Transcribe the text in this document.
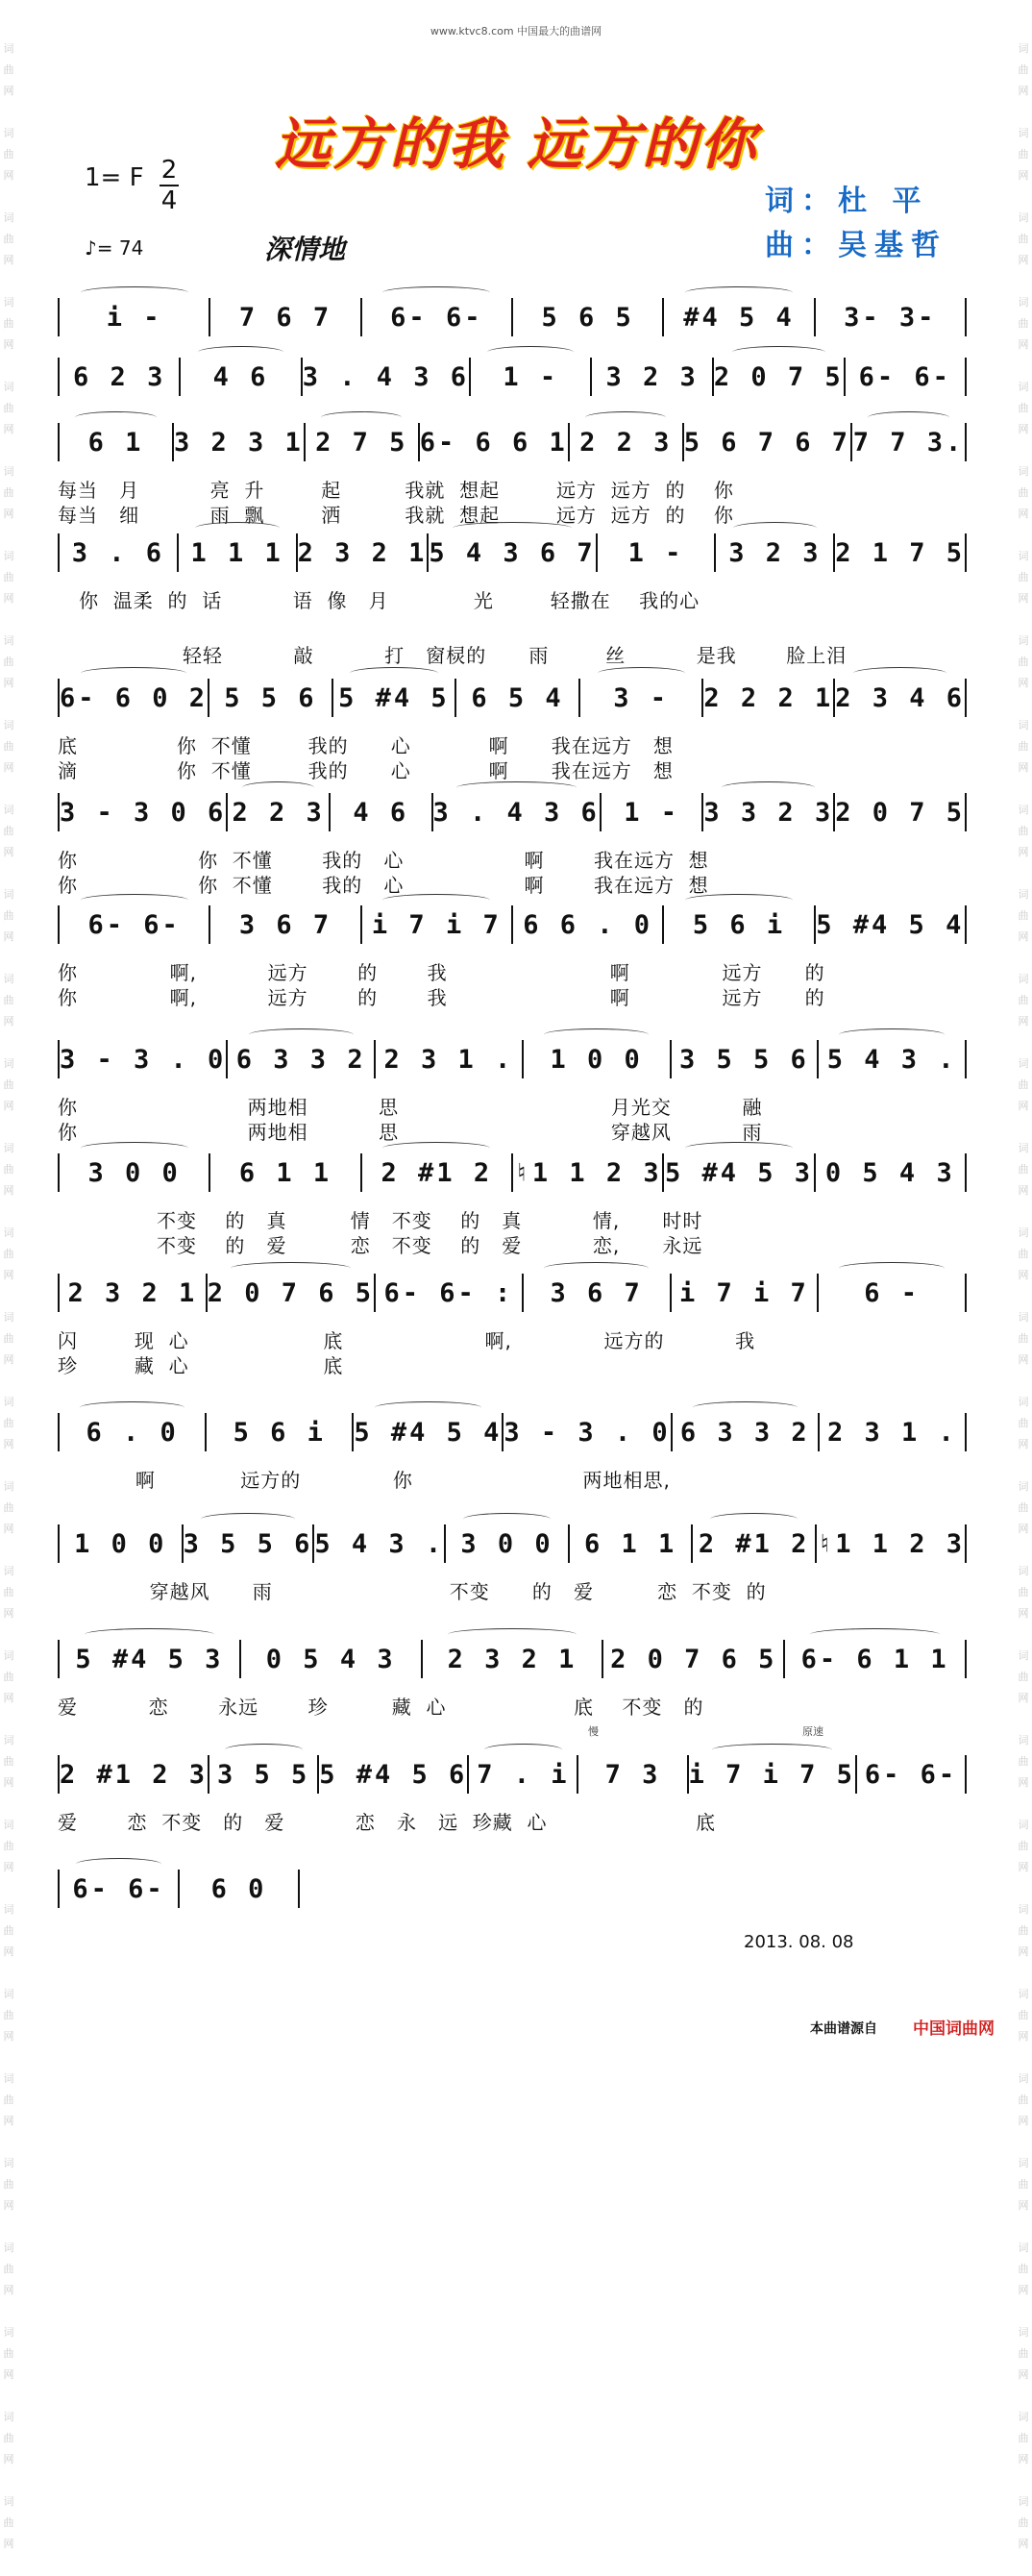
词
曲
网

词
曲
网

词
曲
网

词
曲
网

词
曲
网

词
曲
网

词
曲
网

词
曲
网

词
曲
网

词
曲
网

词
曲
网

词
曲
网

词
曲
网

词
曲
网

词
曲
网

词
曲
网

词
曲
网

词
曲
网

词
曲
网

词
曲
网

词
曲
网

词
曲
网

词
曲
网

词
曲
网

词
曲
网

词
曲
网

词
曲
网

词
曲
网

词
曲
网

词
曲
网

词
曲
网

词
曲
网

词
曲
网

词
曲
网

词
曲
网

词
曲
网

词
曲
网

词
曲
网

词
曲
网

词
曲
网

词
曲
网

词
曲
网

词
曲
网

词
曲
网

词
曲
网

词
曲
网

词
曲
网

词
曲
网

词
曲
网

词
曲
网

词
曲
网

词
曲
网

词
曲
网

词
曲
网

词
曲
网

词
曲
网

词
曲
网

词
曲
网

词
曲
网

词
曲
网

www.ktvc8.com 中国最大的曲谱网
远方的我 远方的你
1= F 2
4
♪= 74	深情地
词：杜 平
曲：吴基哲
i -	7 6 7	6- 6-	5 6 5	#4 5 4	3- 3-
6 2 3	4 6	3 . 4 3 6	1 -	3 2 3 2 0 7 5 6- 6-
6 1	3 2 3 1 2 7 5 6- 6 6 1 2 2 3 5 6 7 6 7 7 7 3.
每当   月          亮  升        起         我就  想起        远方  远方  的    你
每当   细          雨  飘        洒         我就  想起        远方  远方  的    你
3 . 6	1 1 1 2 3 2 1 5 4 3 6 7	1 -	3 2 3 2 1 7 5
你  温柔  的  话          语  像   月            光        轻撒在    我的心
6- 6 0 2 5 5 6 5 #4 5 6 5 4	3 -	2 2 2 1 2 3 4 6
底              你  不懂        我的      心           啊      我在远方   想
滴              你  不懂        我的      心           啊      我在远方   想
3 - 3 0 6 2 2 3	4 6 3 . 4 3 6 1 - 3 3 2 3 2 0 7 5
你                 你  不懂       我的   心                 啊       我在远方  想
你                 你  不懂       我的   心                 啊       我在远方  想
6- 6-	3 6 7	i 7 i 7 6 6 . 0	5 6 i	5 #4 5 4
你             啊,          远方       的       我                       啊             远方      的
你             啊,          远方       的       我                       啊             远方      的
3 - 3 . 0 6 3 3 2 2 3 1 .	1 0 0	3 5 5 6 5 4 3 .
你                        两地相          思                              月光交          融
你                        两地相          思                              穿越风          雨
3 0 0	6 1 1	2 #1 2 ♮1 1 2 3 5 #4 5 3 0 5 4 3
不变    的   真         情   不变    的   真          情,      时时
不变    的   爱         恋   不变    的   爱          恋,      永远
2 3 2 1 2 0 7 6 5 6- 6- :	3 6 7	i 7 i 7	6 -
闪        现  心                   底                    啊,             远方的          我
珍        藏  心                   底
6 . 0	5 6 i	5 #4 5 4 3 - 3 . 0 6 3 3 2 2 3 1 .
啊            远方的             你                        两地相思,
1 0 0 3 5 5 6 5 4 3 . 3 0 0	6 1 1 2 #1 2 ♮1 1 2 3
穿越风      雨                         不变      的   爱         恋  不变  的
5 #4 5 3	0 5 4 3	2 3 2 1	2 0 7 6 5 6- 6 1 1
爱          恋       永远       珍         藏  心                  底    不变   的
2 #1 2 3 3 5 5 5 #4 5 6 7 . i	7 3	i 7 i 7 5 6- 6-
爱       恋  不变   的   爱          恋   永   远  珍藏  心                     底
6- 6-	6 0
轻轻          敲          打   窗棂的      雨        丝          是我       脸上泪
慢	原速
2013. 08. 08
本曲谱源自 中国词曲网
